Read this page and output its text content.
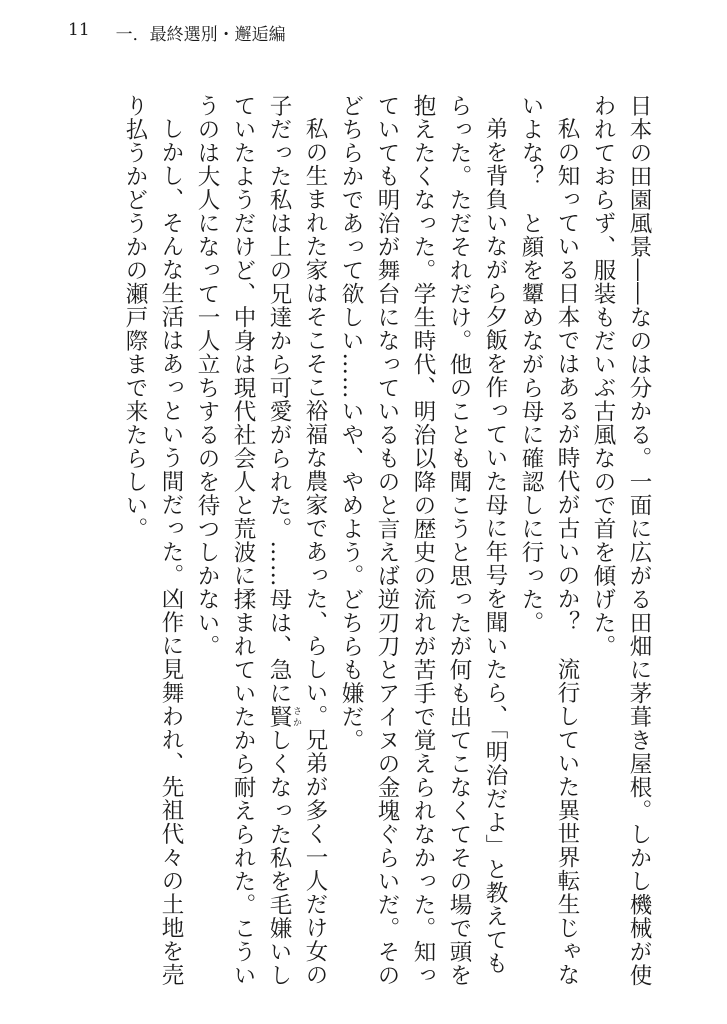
11 一．最終選別・邂逅編

日本の田園風景――なのは分かる。一面に広がる田畑に茅葺き屋根。しかし機械が使われておらず、服装もだいぶ古風なので首を傾げた。

私の知っている日本ではあるが時代が古いのか？　流行していた異世界転生じゃないよな？　と顔を顰めながら母に確認しに行った。

弟を背負いながら夕飯を作っていた母に年号を聞いたら、「明治だよ」と教えてもらった。ただそれだけ。他のことも聞こうと思ったが何も出てこなくてその場で頭を抱えたくなった。学生時代、明治以降の歴史の流れが苦手で覚えられなかった。知っていても明治が舞台になっているものと言えば逆刃刀とアイヌの金塊ぐらいだ。そのどちらかであって欲しい……いや、やめよう。どちらも嫌だ。

私の生まれた家はそこそこ裕福な農家であった、らしい。兄弟が多く一人だけ女の子だった私は上の兄達から可愛がられた。……母は、急に賢 さかしくなった私を毛嫌いしていたようだけど、中身は現代社会人と荒波に揉まれていたから耐えられた。こういうのは大人になって一人立ちするのを待つしかない。

しかし、そんな生活はあっという間だった。凶作に見舞われ、先祖代々の土地を売り払うかどうかの瀬戸際まで来たらしい。
